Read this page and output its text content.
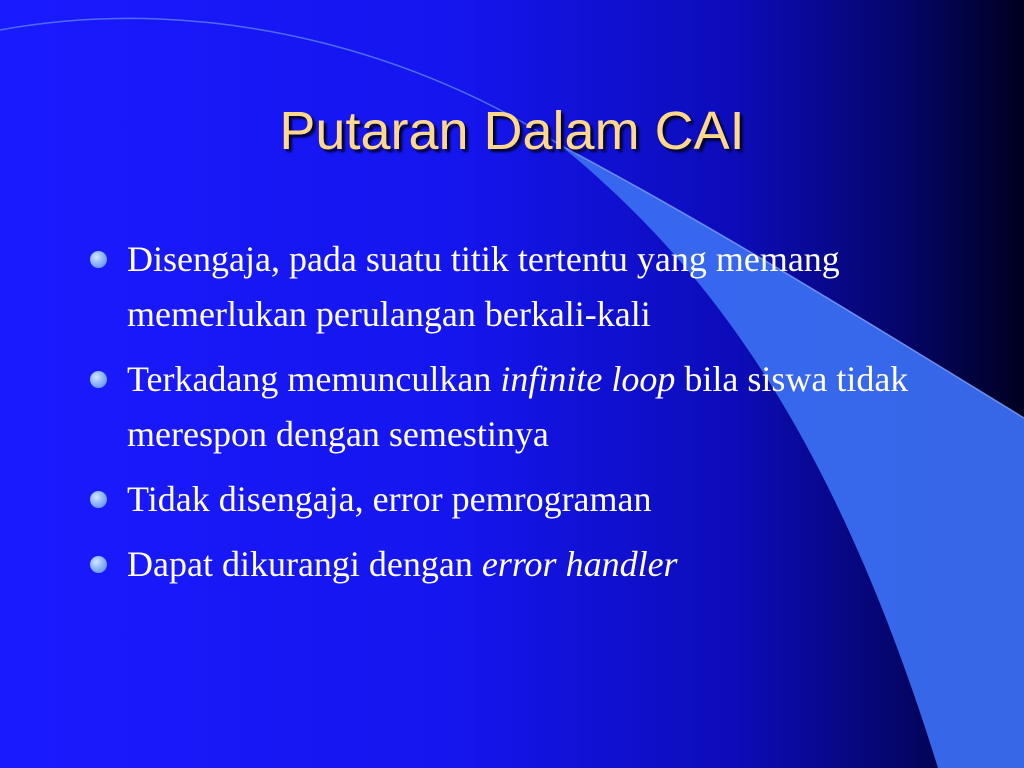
Putaran Dalam CAI
Disengaja, pada suatu titik tertentu yang memang memerlukan perulangan berkali-kali
Terkadang memunculkan infinite loop bila siswa tidak merespon dengan semestinya
Tidak disengaja, error pemrograman
Dapat dikurangi dengan error handler
